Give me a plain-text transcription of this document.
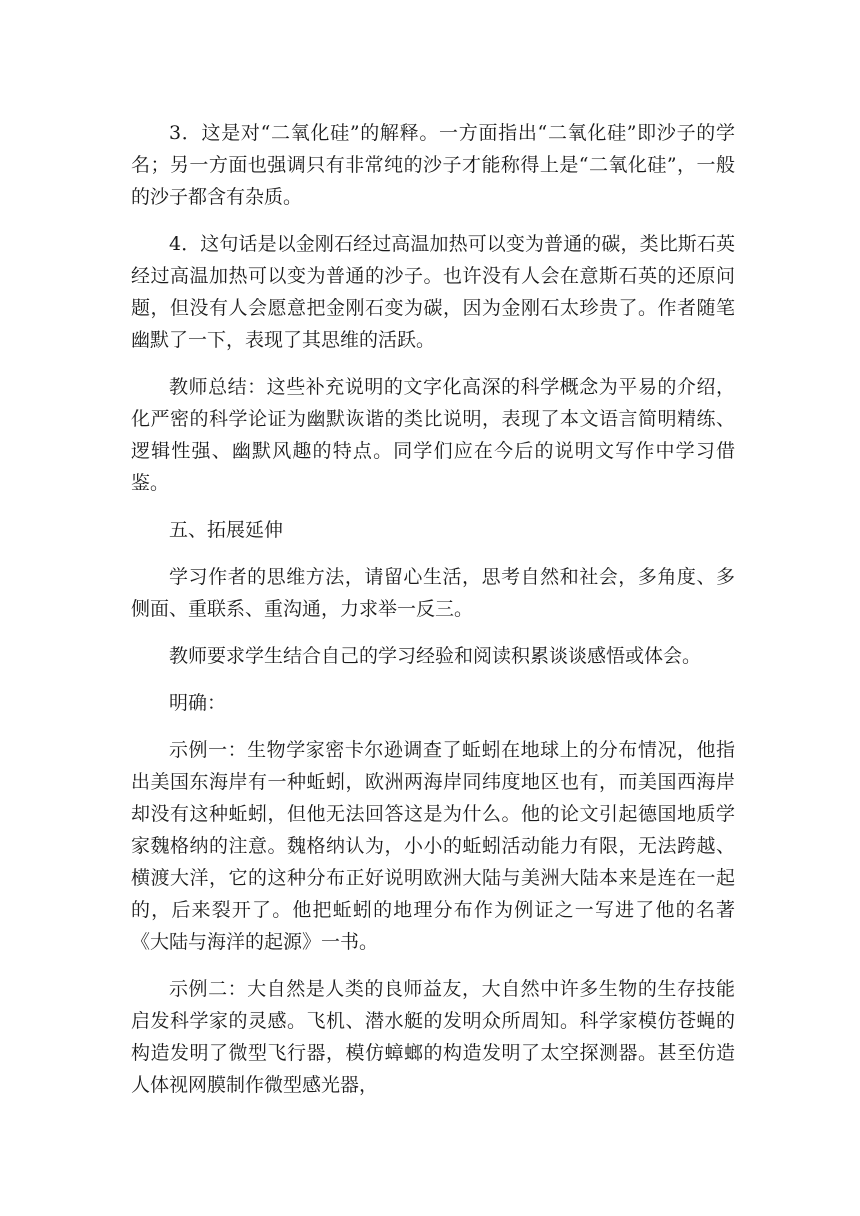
3．这是对“二氧化硅”的解释。一方面指出“二氧化硅”即沙子的学名；另一方面也强调只有非常纯的沙子才能称得上是“二氧化硅”，一般的沙子都含有杂质。

4．这句话是以金刚石经过高温加热可以变为普通的碳，类比斯石英经过高温加热可以变为普通的沙子。也许没有人会在意斯石英的还原问题，但没有人会愿意把金刚石变为碳，因为金刚石太珍贵了。作者随笔幽默了一下，表现了其思维的活跃。

教师总结：这些补充说明的文字化高深的科学概念为平易的介绍，化严密的科学论证为幽默诙谐的类比说明，表现了本文语言简明精练、逻辑性强、幽默风趣的特点。同学们应在今后的说明文写作中学习借鉴。

五、拓展延伸

学习作者的思维方法，请留心生活，思考自然和社会，多角度、多侧面、重联系、重沟通，力求举一反三。

教师要求学生结合自己的学习经验和阅读积累谈谈感悟或体会。

明确：

示例一：生物学家密卡尔逊调查了蚯蚓在地球上的分布情况，他指出美国东海岸有一种蚯蚓，欧洲两海岸同纬度地区也有，而美国西海岸却没有这种蚯蚓，但他无法回答这是为什么。他的论文引起德国地质学家魏格纳的注意。魏格纳认为，小小的蚯蚓活动能力有限，无法跨越、横渡大洋，它的这种分布正好说明欧洲大陆与美洲大陆本来是连在一起的，后来裂开了。他把蚯蚓的地理分布作为例证之一写进了他的名著《大陆与海洋的起源》一书。

示例二：大自然是人类的良师益友，大自然中许多生物的生存技能启发科学家的灵感。飞机、潜水艇的发明众所周知。科学家模仿苍蝇的构造发明了微型飞行器，模仿蟑螂的构造发明了太空探测器。甚至仿造人体视网膜制作微型感光器，
